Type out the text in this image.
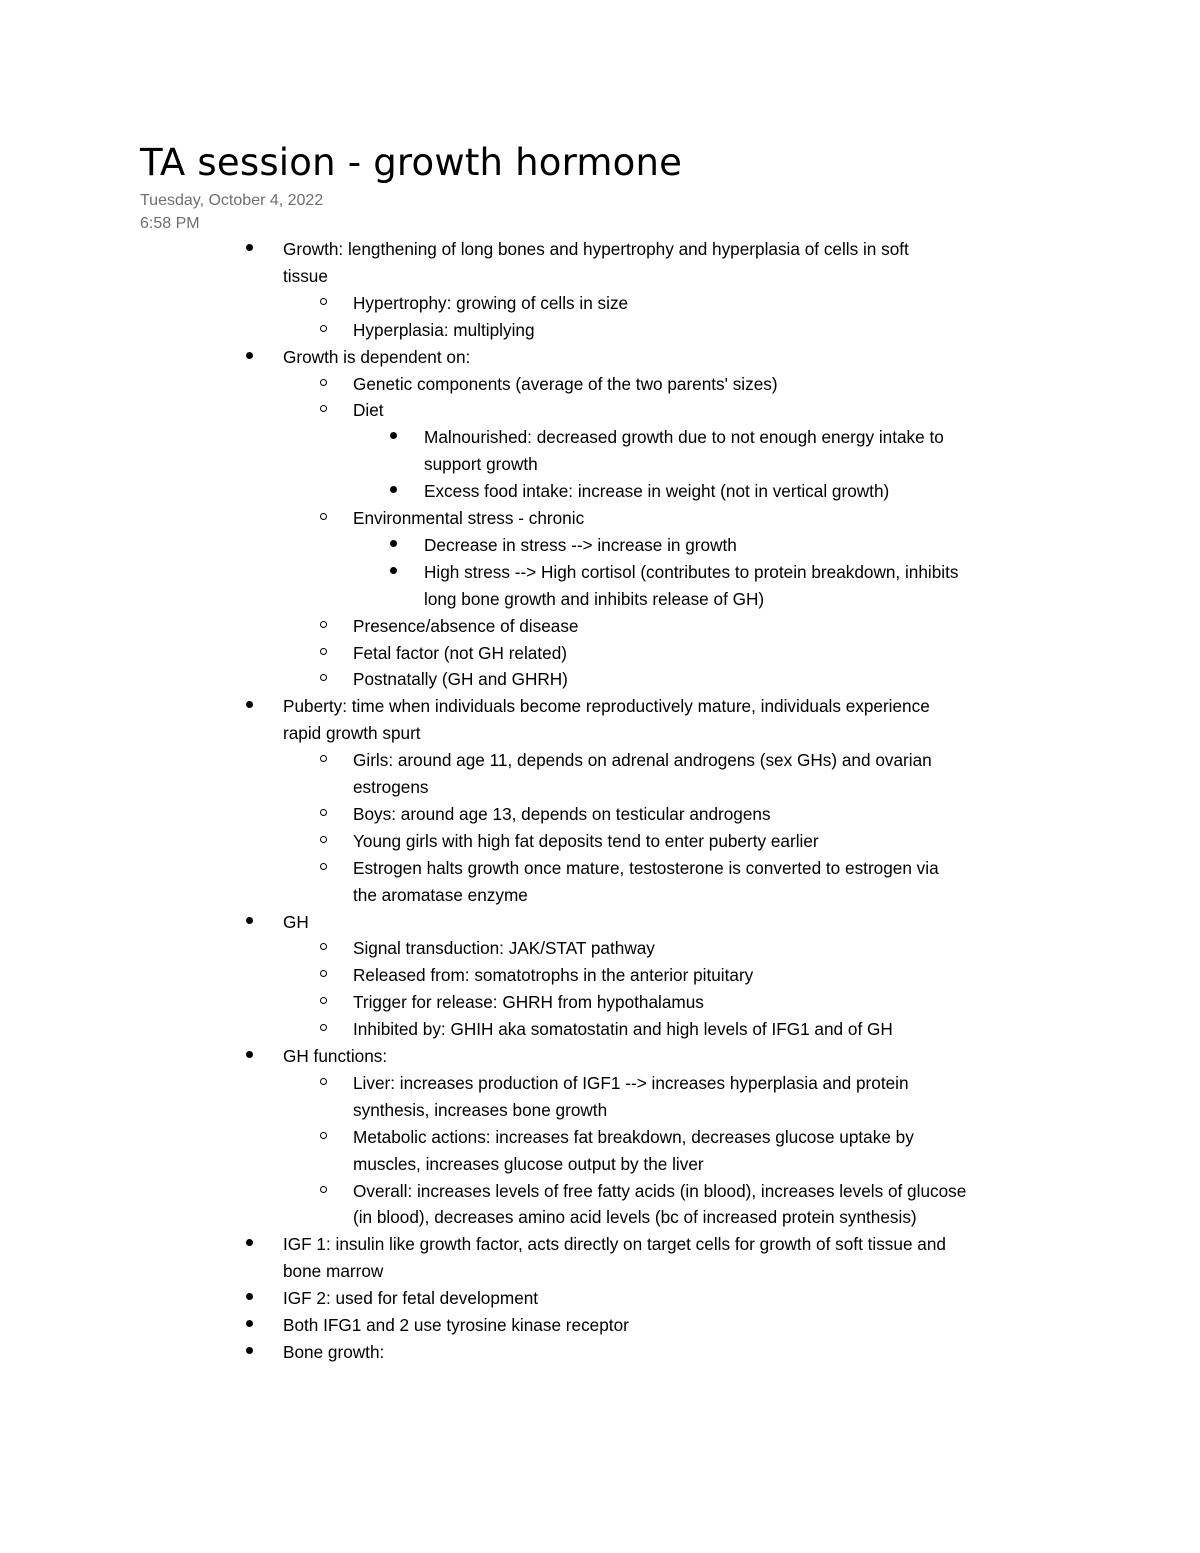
TA session - growth hormone
Tuesday, October 4, 2022
6:58 PM
Growth: lengthening of long bones and hypertrophy and hyperplasia of cells in soft
tissue
Hypertrophy: growing of cells in size
Hyperplasia: multiplying
Growth is dependent on:
Genetic components (average of the two parents' sizes)
Diet
Malnourished: decreased growth due to not enough energy intake to
support growth
Excess food intake: increase in weight (not in vertical growth)
Environmental stress - chronic
Decrease in stress --> increase in growth
High stress --> High cortisol (contributes to protein breakdown, inhibits
long bone growth and inhibits release of GH)
Presence/absence of disease
Fetal factor (not GH related)
Postnatally (GH and GHRH)
Puberty: time when individuals become reproductively mature, individuals experience
rapid growth spurt
Girls: around age 11, depends on adrenal androgens (sex GHs) and ovarian
estrogens
Boys: around age 13, depends on testicular androgens
Young girls with high fat deposits tend to enter puberty earlier
Estrogen halts growth once mature, testosterone is converted to estrogen via
the aromatase enzyme
GH
Signal transduction: JAK/STAT pathway
Released from: somatotrophs in the anterior pituitary
Trigger for release: GHRH from hypothalamus
Inhibited by: GHIH aka somatostatin and high levels of IFG1 and of GH
GH functions:
Liver: increases production of IGF1 --> increases hyperplasia and protein
synthesis, increases bone growth
Metabolic actions: increases fat breakdown, decreases glucose uptake by
muscles, increases glucose output by the liver
Overall: increases levels of free fatty acids (in blood), increases levels of glucose
(in blood), decreases amino acid levels (bc of increased protein synthesis)
IGF 1: insulin like growth factor, acts directly on target cells for growth of soft tissue and
bone marrow
IGF 2: used for fetal development
Both IFG1 and 2 use tyrosine kinase receptor
Bone growth:
